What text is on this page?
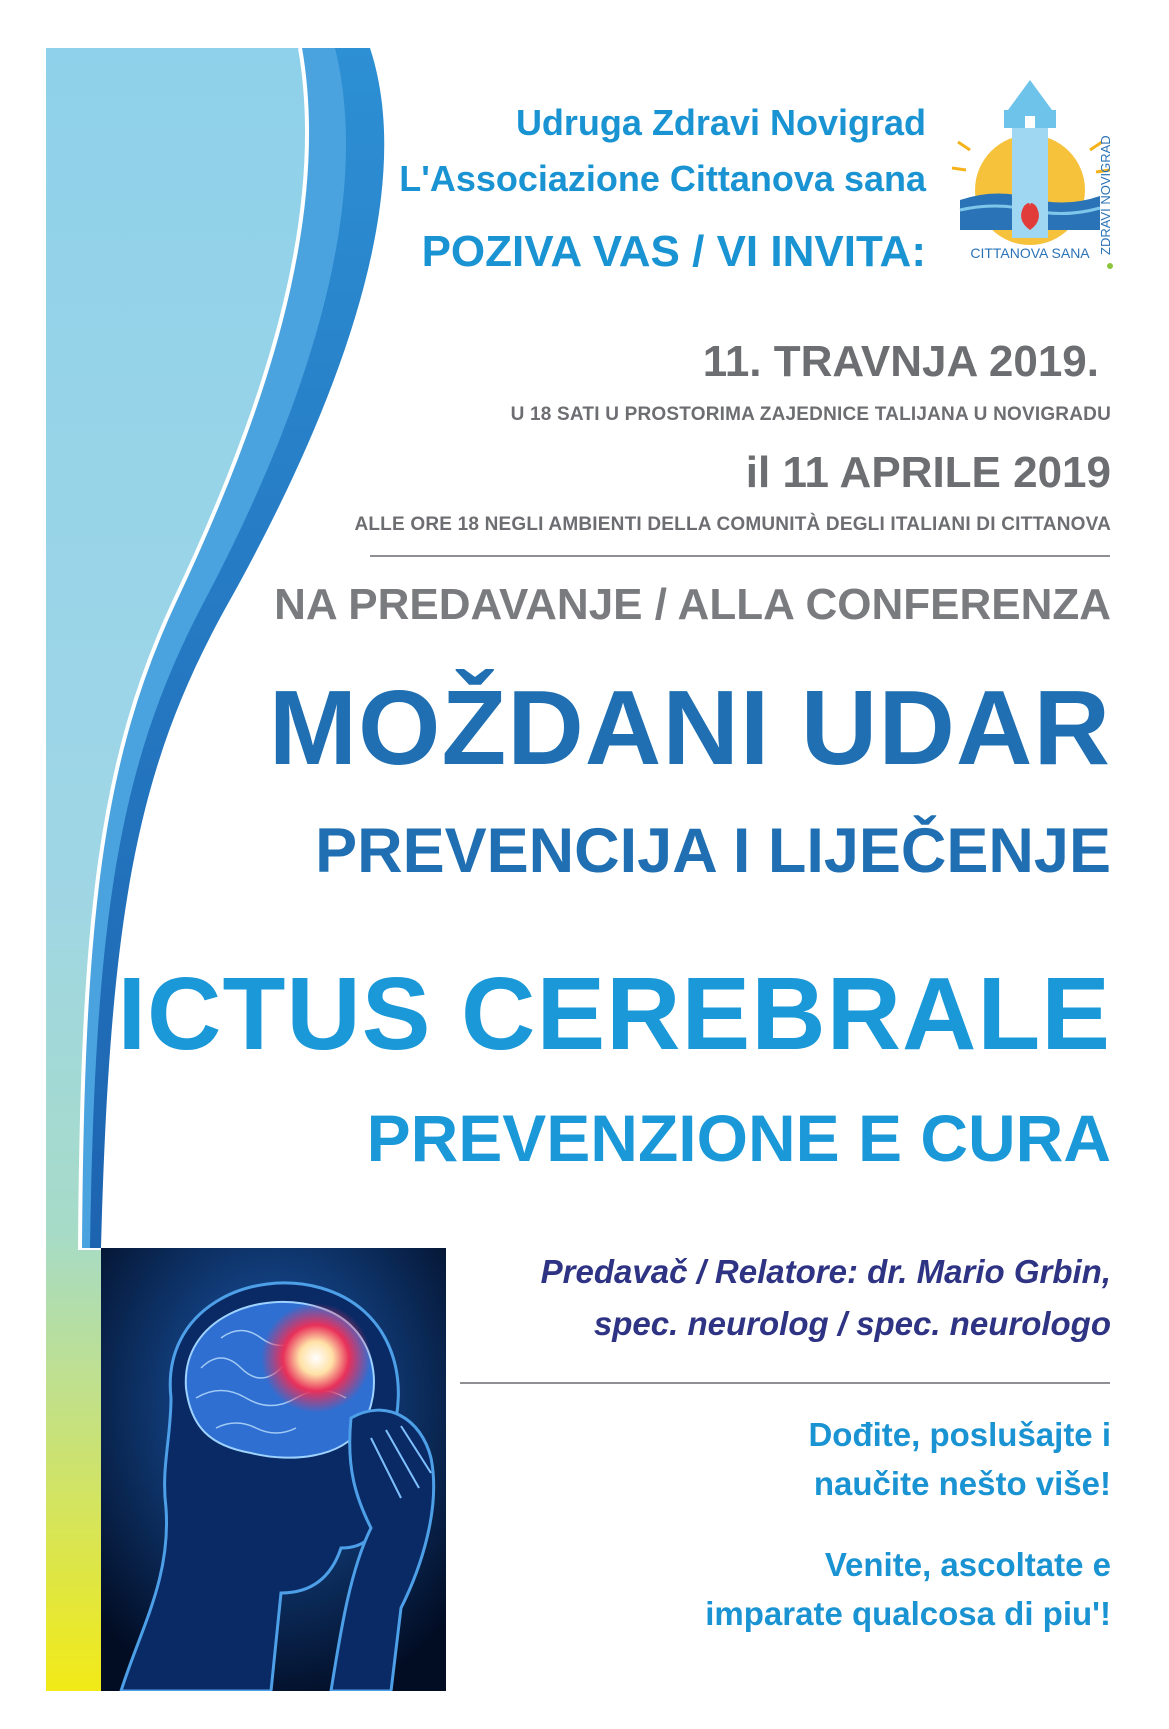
CITTANOVA SANA ZDRAVI NOVIGRAD
Udruga Zdravi Novigrad
L'Associazione Cittanova sana
POZIVA VAS / VI INVITA:
11. TRAVNJA 2019.
U 18 SATI U PROSTORIMA ZAJEDNICE TALIJANA U NOVIGRADU
il 11 APRILE 2019
ALLE ORE 18 NEGLI AMBIENTI DELLA COMUNITÀ DEGLI ITALIANI DI CITTANOVA
NA PREDAVANJE / ALLA CONFERENZA
MOŽDANI UDAR
PREVENCIJA I LIJEČENJE
ICTUS CEREBRALE
PREVENZIONE E CURA
Predavač / Relatore: dr. Mario Grbin,
spec. neurolog / spec. neurologo
Dođite, poslušajte i
naučite nešto više!
Venite, ascoltate e
imparate qualcosa di piu'!
